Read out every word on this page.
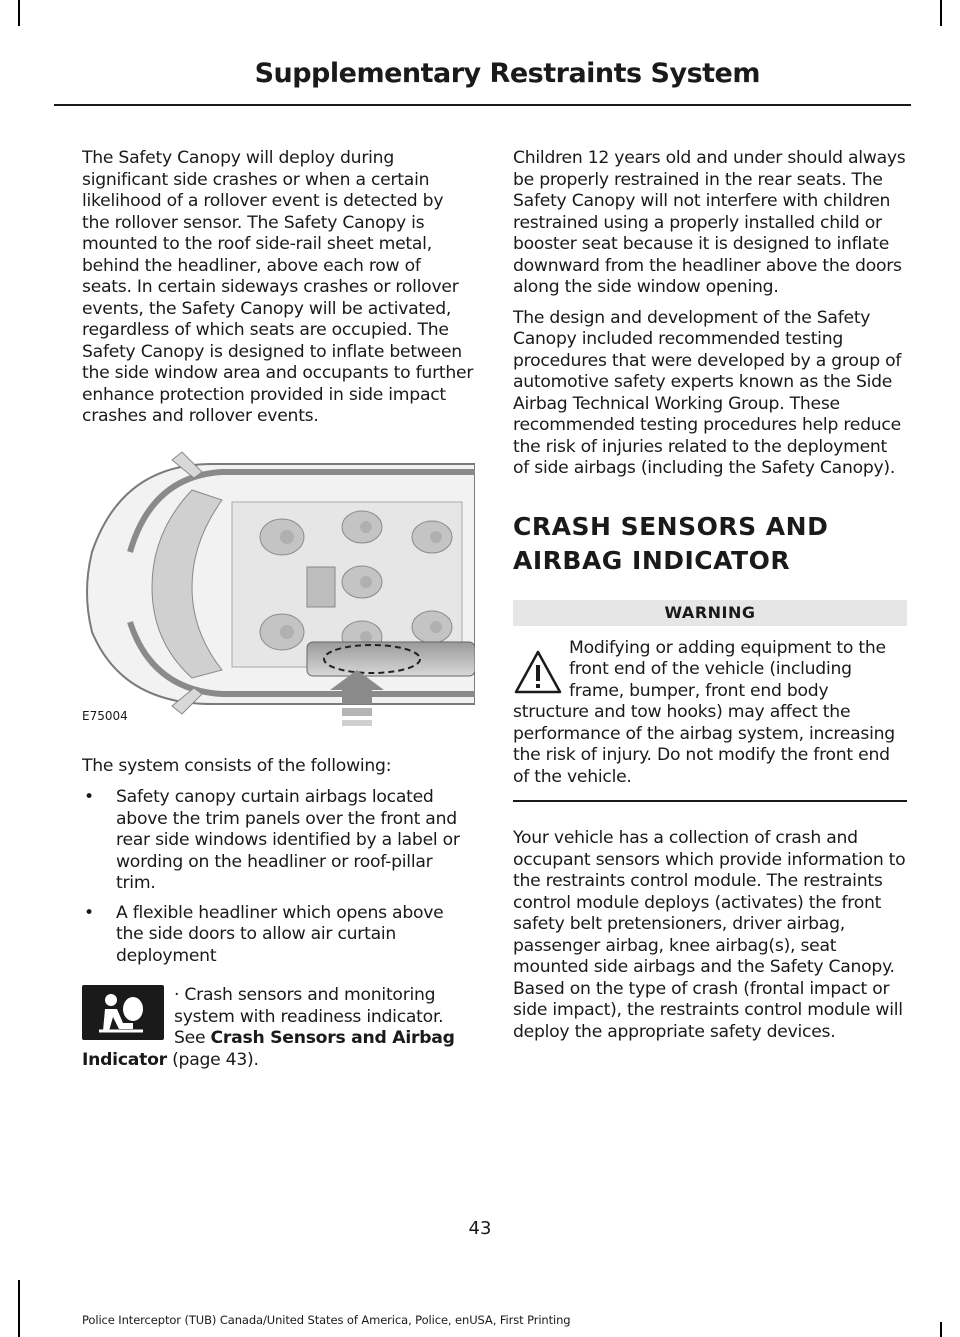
Supplementary Restraints System

The Safety Canopy will deploy during significant side crashes or when a certain likelihood of a rollover event is detected by the rollover sensor. The Safety Canopy is mounted to the roof side-rail sheet metal, behind the headliner, above each row of seats. In certain sideways crashes or rollover events, the Safety Canopy will be activated, regardless of which seats are occupied. The Safety Canopy is designed to inflate between the side window area and occupants to further enhance protection provided in side impact crashes and rollover events.

E75004

The system consists of the following:

• Safety canopy curtain airbags located above the trim panels over the front and rear side windows identified by a label or wording on the headliner or roof-pillar trim.
• A flexible headliner which opens above the side doors to allow air curtain deployment
· Crash sensors and monitoring system with readiness indicator. See Crash Sensors and Airbag Indicator (page 43).

Children 12 years old and under should always be properly restrained in the rear seats. The Safety Canopy will not interfere with children restrained using a properly installed child or booster seat because it is designed to inflate downward from the headliner above the doors along the side window opening.

The design and development of the Safety Canopy included recommended testing procedures that were developed by a group of automotive safety experts known as the Side Airbag Technical Working Group. These recommended testing procedures help reduce the risk of injuries related to the deployment of side airbags (including the Safety Canopy).

CRASH SENSORS AND
AIRBAG INDICATOR
WARNING
Modifying or adding equipment to the front end of the vehicle (including frame, bumper, front end body structure and tow hooks) may affect the performance of the airbag system, increasing the risk of injury. Do not modify the front end of the vehicle.

Your vehicle has a collection of crash and occupant sensors which provide information to the restraints control module. The restraints control module deploys (activates) the front safety belt pretensioners, driver airbag, passenger airbag, knee airbag(s), seat mounted side airbags and the Safety Canopy. Based on the type of crash (frontal impact or side impact), the restraints control module will deploy the appropriate safety devices.

43
Police Interceptor (TUB) Canada/United States of America, Police, enUSA, First Printing
